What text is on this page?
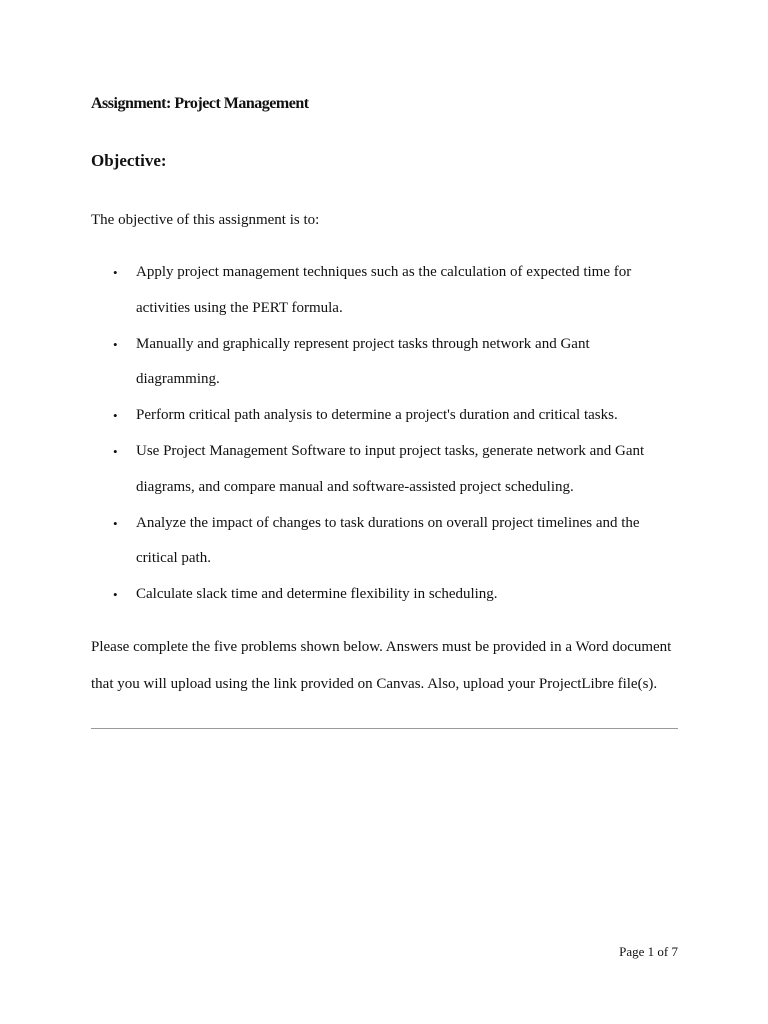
Assignment: Project Management
Objective:

The objective of this assignment is to:

• Apply project management techniques such as the calculation of expected time for activities using the PERT formula.
• Manually and graphically represent project tasks through network and Gant diagramming.
• Perform critical path analysis to determine a project's duration and critical tasks.
• Use Project Management Software to input project tasks, generate network and Gant diagrams, and compare manual and software-assisted project scheduling.
• Analyze the impact of changes to task durations on overall project timelines and the critical path.
• Calculate slack time and determine flexibility in scheduling.

Please complete the five problems shown below. Answers must be provided in a Word document that you will upload using the link provided on Canvas. Also, upload your ProjectLibre file(s).

Page 1 of 7
